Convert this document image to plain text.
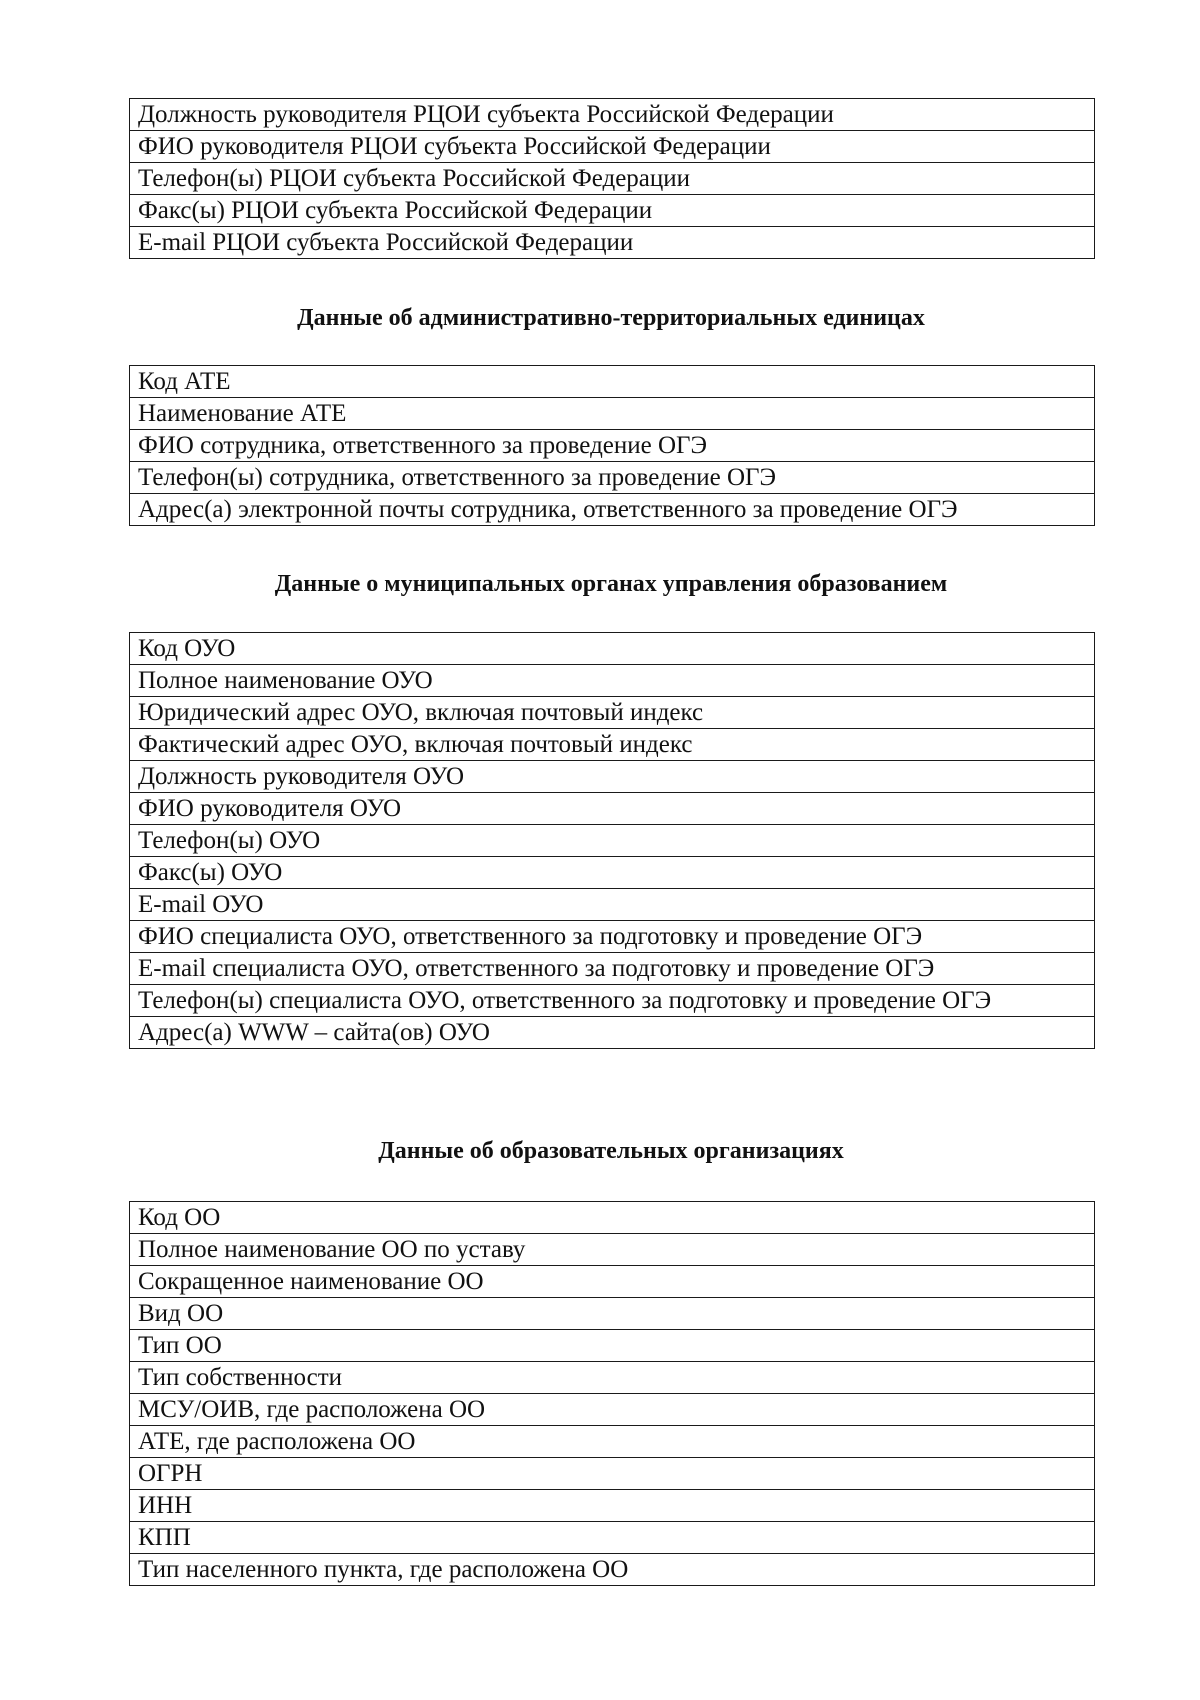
Должность руководителя РЦОИ субъекта Российской Федерации
ФИО руководителя РЦОИ субъекта Российской Федерации
Телефон(ы) РЦОИ субъекта Российской Федерации
Факс(ы) РЦОИ субъекта Российской Федерации
E-mail РЦОИ субъекта Российской Федерации
Данные об административно-территориальных единицах
Код АТЕ
Наименование АТЕ
ФИО сотрудника, ответственного за проведение ОГЭ
Телефон(ы) сотрудника, ответственного за проведение ОГЭ
Адрес(а) электронной почты сотрудника, ответственного за проведение ОГЭ
Данные о муниципальных органах управления образованием
Код ОУО
Полное наименование ОУО
Юридический адрес ОУО, включая почтовый индекс
Фактический адрес ОУО, включая почтовый индекс
Должность руководителя ОУО
ФИО руководителя ОУО
Телефон(ы) ОУО
Факс(ы) ОУО
E-mail ОУО
ФИО специалиста ОУО, ответственного за подготовку и проведение ОГЭ
E-mail специалиста ОУО, ответственного за подготовку и проведение ОГЭ
Телефон(ы) специалиста ОУО, ответственного за подготовку и проведение ОГЭ
Адрес(а) WWW – сайта(ов) ОУО
Данные об образовательных организациях
Код ОО
Полное наименование ОО по уставу
Сокращенное наименование ОО
Вид ОО
Тип ОО
Тип собственности
МСУ/ОИВ, где расположена ОО
АТЕ, где расположена ОО
ОГРН
ИНН
КПП
Тип населенного пункта, где расположена ОО
